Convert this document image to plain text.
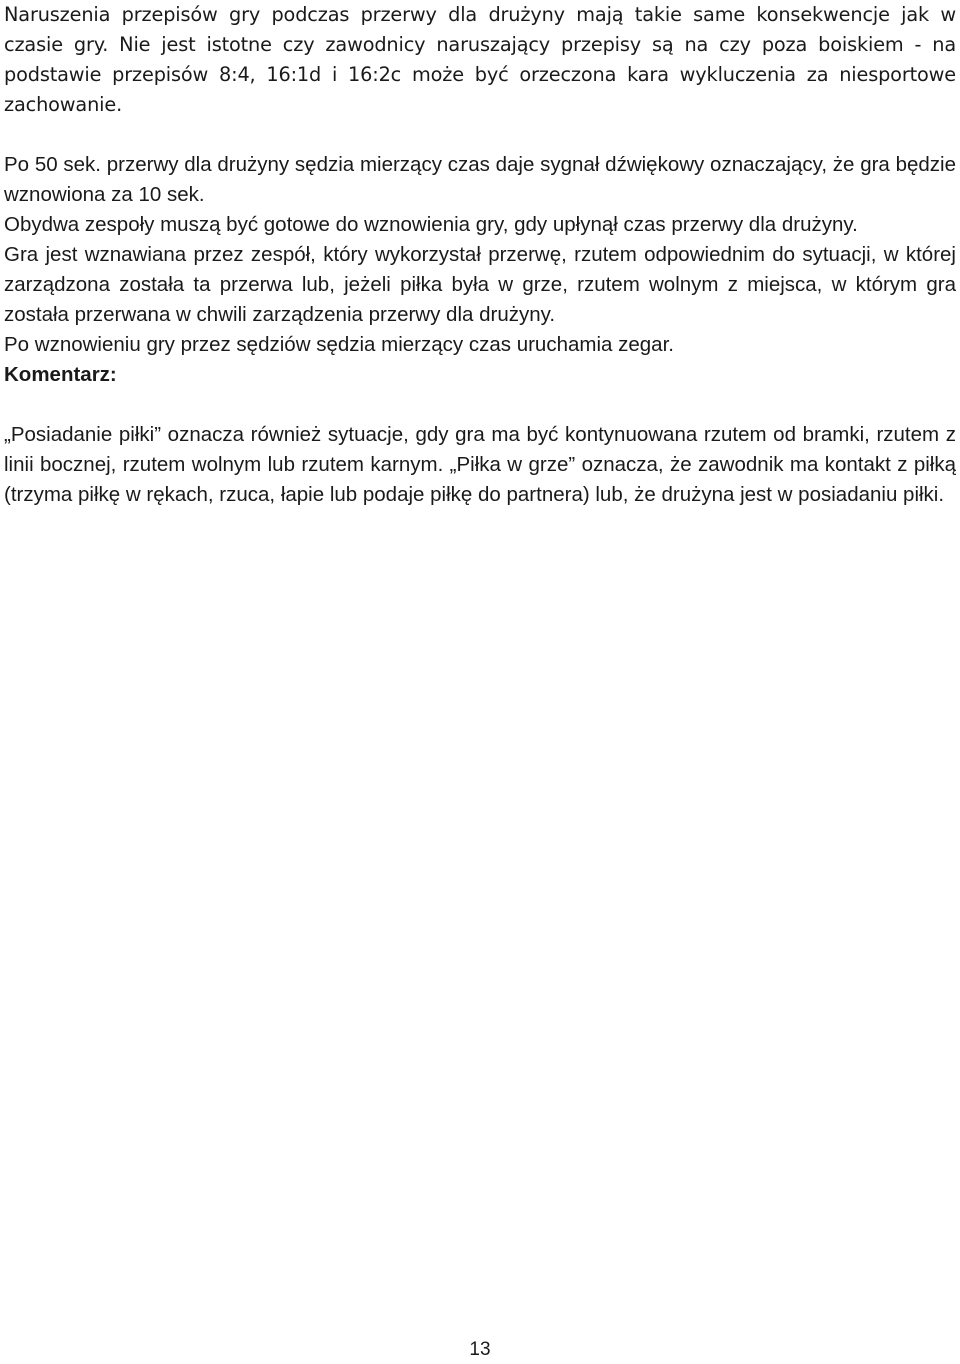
Naruszenia przepisów gry podczas przerwy dla drużyny mają takie same konsekwencje jak w czasie gry. Nie jest istotne czy zawodnicy naruszający przepisy są na czy poza boiskiem - na podstawie przepisów 8:4, 16:1d i 16:2c może być orzeczona kara wykluczenia za niesportowe zachowanie.

Po 50 sek. przerwy dla drużyny sędzia mierzący czas daje sygnał dźwiękowy oznaczający, że gra będzie wznowiona za 10 sek.

Obydwa zespoły muszą być gotowe do wznowienia gry, gdy upłynął czas przerwy dla drużyny.

Gra jest wznawiana przez zespół, który wykorzystał przerwę, rzutem odpowiednim do sytuacji, w której zarządzona została ta przerwa lub, jeżeli piłka była w grze, rzutem wolnym z miejsca, w którym gra została przerwana w chwili zarządzenia przerwy dla drużyny.

Po wznowieniu gry przez sędziów sędzia mierzący czas uruchamia zegar.

Komentarz:

„Posiadanie piłki” oznacza również sytuacje, gdy gra ma być kontynuowana rzutem od bramki, rzutem z linii bocznej, rzutem wolnym lub rzutem karnym. „Piłka w grze” oznacza, że zawodnik ma kontakt z piłką (trzyma piłkę w rękach, rzuca, łapie lub podaje piłkę do partnera) lub, że drużyna jest w posiadaniu piłki.

13
